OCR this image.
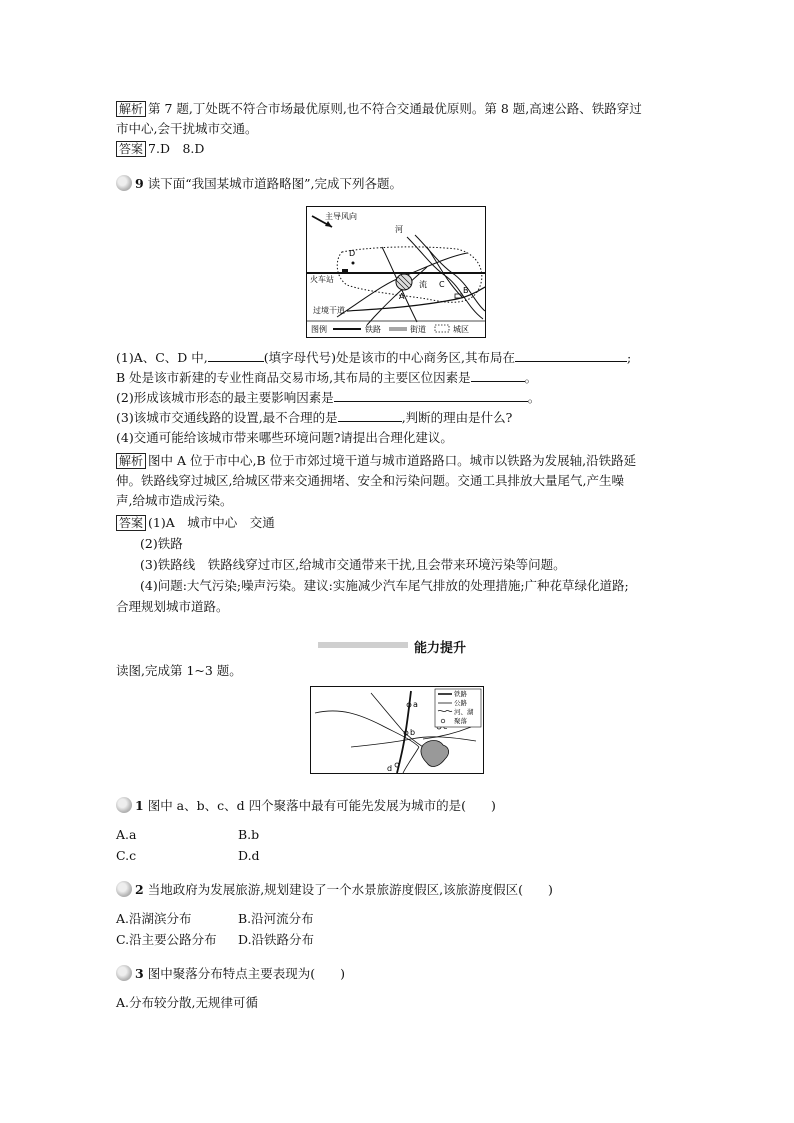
解析 第 7 题,丁处既不符合市场最优原则,也不符合交通最优原则。第 8 题,高速公路、铁路穿过
市中心,会干扰城市交通。
答案 7.D　8.D
9 读下面“我国某城市道路略图”,完成下列各题。
主导风向
河
火车站
过境干道
D
A
流 C
B
图例	铁路	街道	城区
(1)A、C、D 中,	(填字母代号)处是该市的中心商务区,其布局在	;
B 处是该市新建的专业性商品交易市场,其布局的主要区位因素是	。
(2)形成该城市形态的最主要影响因素是	。
(3)该城市交通线路的设置,最不合理的是	,判断的理由是什么?
(4)交通可能给该城市带来哪些环境问题?请提出合理化建议。
解析 图中 A 位于市中心,B 位于市郊过境干道与城市道路路口。城市以铁路为发展轴,沿铁路延
伸。铁路线穿过城区,给城区带来交通拥堵、安全和污染问题。交通工具排放大量尾气,产生噪
声,给城市造成污染。
答案 (1)A　城市中心　交通
(2)铁路
(3)铁路线　铁路线穿过市区,给城市交通带来干扰,且会带来环境污染等问题。
(4)问题:大气污染;噪声污染。建议:实施减少汽车尾气排放的处理措施;广种花草绿化道路;
合理规划城市道路。
能力提升
读图,完成第 1~3 题。
a
b
d
铁路
公路
河、湖
聚落
1 图中 a、b、c、d 四个聚落中最有可能先发展为城市的是(　　)
A.a	B.b
C.c	D.d
2 当地政府为发展旅游,规划建设了一个水景旅游度假区,该旅游度假区(　　)
A.沿湖滨分布	B.沿河流分布
C.沿主要公路分布 D.沿铁路分布
3 图中聚落分布特点主要表现为(　　)
A.分布较分散,无规律可循
